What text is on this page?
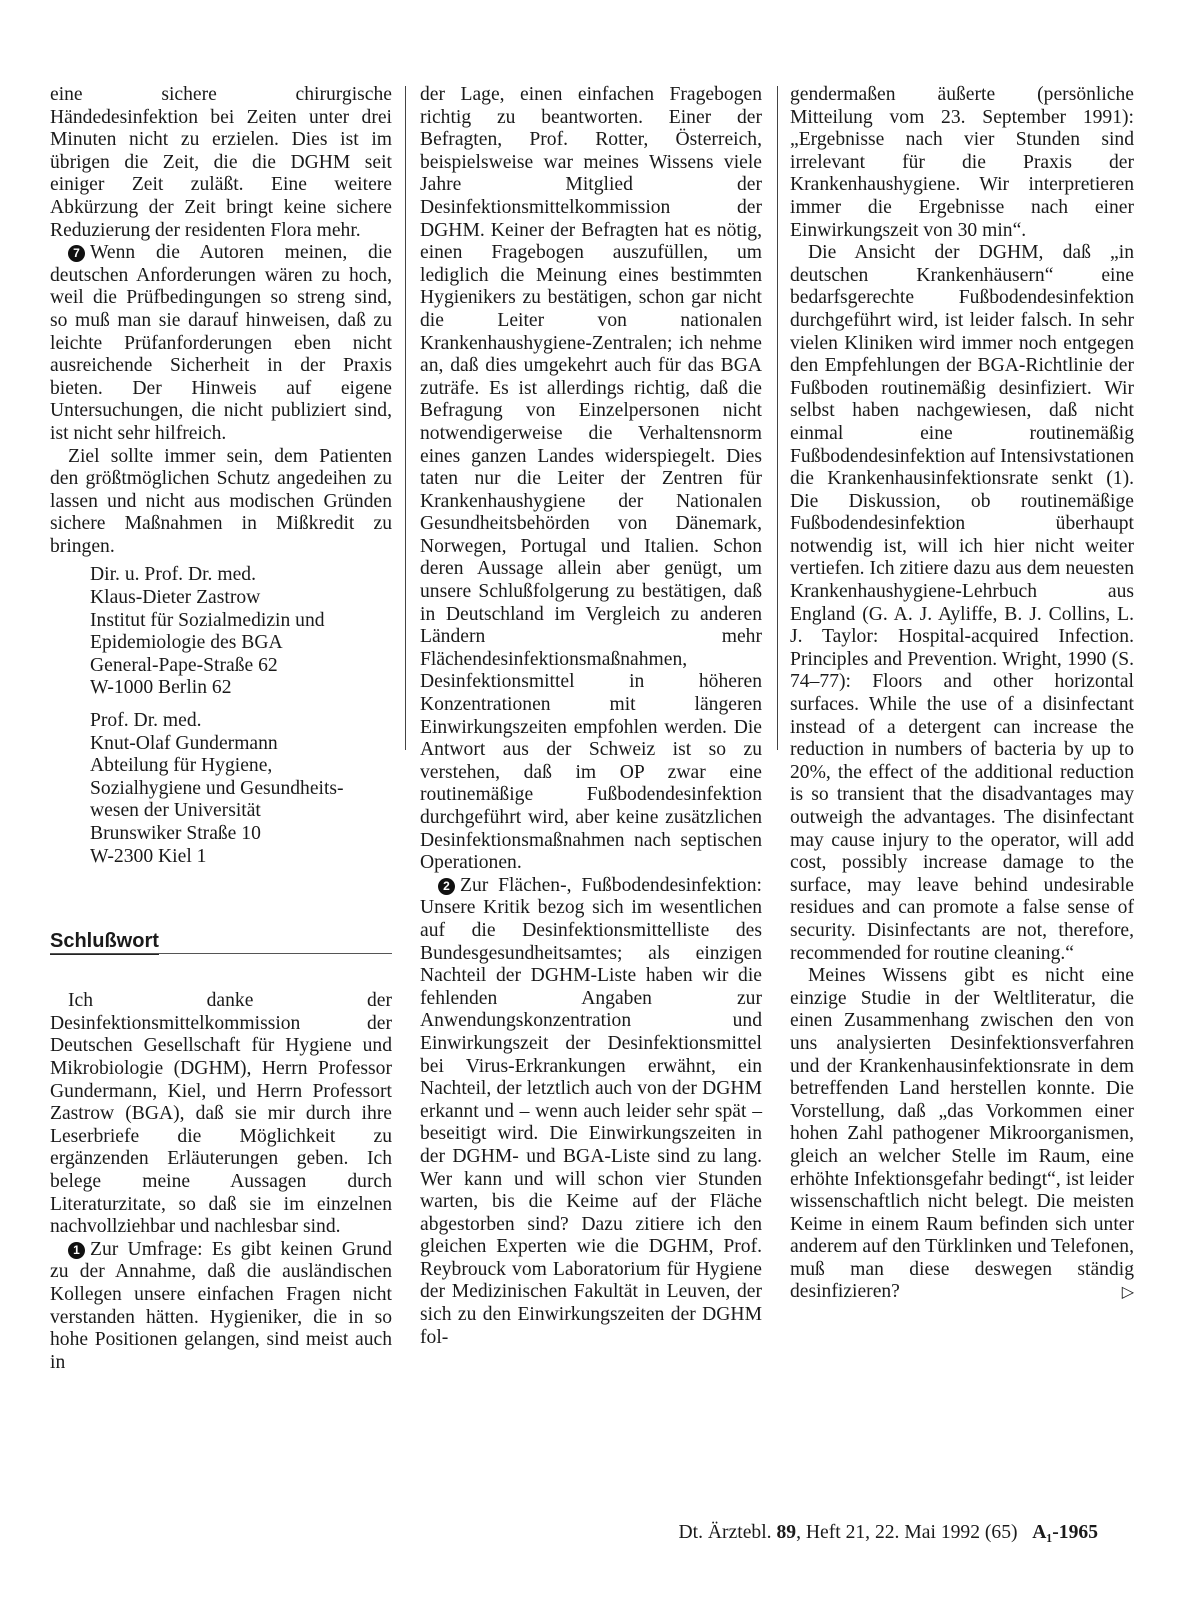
eine sichere chirurgische Händedesinfektion bei Zeiten unter drei Minuten nicht zu erzielen. Dies ist im übrigen die Zeit, die die DGHM seit einiger Zeit zuläßt. Eine weitere Abkürzung der Zeit bringt keine sichere Reduzierung der residenten Flora mehr.

7 Wenn die Autoren meinen, die deutschen Anforderungen wären zu hoch, weil die Prüfbedingungen so streng sind, so muß man sie darauf hinweisen, daß zu leichte Prüfanforderungen eben nicht ausreichende Sicherheit in der Praxis bieten. Der Hinweis auf eigene Untersuchungen, die nicht publiziert sind, ist nicht sehr hilfreich.

Ziel sollte immer sein, dem Patienten den größtmöglichen Schutz angedeihen zu lassen und nicht aus modischen Gründen sichere Maßnahmen in Mißkredit zu bringen.

Dir. u. Prof. Dr. med.
Klaus-Dieter Zastrow
Institut für Sozialmedizin und
Epidemiologie des BGA
General-Pape-Straße 62
W-1000 Berlin 62
Prof. Dr. med.
Knut-Olaf Gundermann
Abteilung für Hygiene,
Sozialhygiene und Gesundheits-
wesen der Universität
Brunswiker Straße 10
W-2300 Kiel 1
Schlußwort

Ich danke der Desinfektionsmittelkommission der Deutschen Gesellschaft für Hygiene und Mikrobiologie (DGHM), Herrn Professor Gundermann, Kiel, und Herrn Professort Zastrow (BGA), daß sie mir durch ihre Leserbriefe die Möglichkeit zu ergänzenden Erläuterungen geben. Ich belege meine Aussagen durch Literaturzitate, so daß sie im einzelnen nachvollziehbar und nachlesbar sind.

1 Zur Umfrage: Es gibt keinen Grund zu der Annahme, daß die ausländischen Kollegen unsere einfachen Fragen nicht verstanden hätten. Hygieniker, die in so hohe Positionen gelangen, sind meist auch in

der Lage, einen einfachen Fragebogen richtig zu beantworten. Einer der Befragten, Prof. Rotter, Österreich, beispielsweise war meines Wissens viele Jahre Mitglied der Desinfektionsmittelkommission der DGHM. Keiner der Befragten hat es nötig, einen Fragebogen auszufüllen, um lediglich die Meinung eines bestimmten Hygienikers zu bestätigen, schon gar nicht die Leiter von nationalen Krankenhaushygiene-Zentralen; ich nehme an, daß dies umgekehrt auch für das BGA zuträfe. Es ist allerdings richtig, daß die Befragung von Einzelpersonen nicht notwendigerweise die Verhaltensnorm eines ganzen Landes widerspiegelt. Dies taten nur die Leiter der Zentren für Krankenhaushygiene der Nationalen Gesundheitsbehörden von Dänemark, Norwegen, Portugal und Italien. Schon deren Aussage allein aber genügt, um unsere Schlußfolgerung zu bestätigen, daß in Deutschland im Vergleich zu anderen Ländern mehr Flächendesinfektionsmaßnahmen, Desinfektionsmittel in höheren Konzentrationen mit längeren Einwirkungszeiten empfohlen werden. Die Antwort aus der Schweiz ist so zu verstehen, daß im OP zwar eine routinemäßige Fußbodendesinfektion durchgeführt wird, aber keine zusätzlichen Desinfektionsmaßnahmen nach septischen Operationen.

2 Zur Flächen-, Fußbodendesinfektion: Unsere Kritik bezog sich im wesentlichen auf die Desinfektionsmittelliste des Bundesgesundheitsamtes; als einzigen Nachteil der DGHM-Liste haben wir die fehlenden Angaben zur Anwendungskonzentration und Einwirkungszeit der Desinfektionsmittel bei Virus-Erkrankungen erwähnt, ein Nachteil, der letztlich auch von der DGHM erkannt und – wenn auch leider sehr spät – beseitigt wird. Die Einwirkungszeiten in der DGHM- und BGA-Liste sind zu lang. Wer kann und will schon vier Stunden warten, bis die Keime auf der Fläche abgestorben sind? Dazu zitiere ich den gleichen Experten wie die DGHM, Prof. Reybrouck vom Laboratorium für Hygiene der Medizinischen Fakultät in Leuven, der sich zu den Einwirkungszeiten der DGHM fol-

gendermaßen äußerte (persönliche Mitteilung vom 23. September 1991): „Ergebnisse nach vier Stunden sind irrelevant für die Praxis der Krankenhaushygiene. Wir interpretieren immer die Ergebnisse nach einer Einwirkungszeit von 30 min“.

Die Ansicht der DGHM, daß „in deutschen Krankenhäusern“ eine bedarfsgerechte Fußbodendesinfektion durchgeführt wird, ist leider falsch. In sehr vielen Kliniken wird immer noch entgegen den Empfehlungen der BGA-Richtlinie der Fußboden routinemäßig desinfiziert. Wir selbst haben nachgewiesen, daß nicht einmal eine routinemäßig Fußbodendesinfektion auf Intensivstationen die Krankenhausinfektionsrate senkt (1). Die Diskussion, ob routinemäßige Fußbodendesinfektion überhaupt notwendig ist, will ich hier nicht weiter vertiefen. Ich zitiere dazu aus dem neuesten Krankenhaushygiene-Lehrbuch aus England (G. A. J. Ayliffe, B. J. Collins, L. J. Taylor: Hospital-acquired Infection. Principles and Prevention. Wright, 1990 (S. 74–77): Floors and other horizontal surfaces. While the use of a disinfectant instead of a detergent can increase the reduction in numbers of bacteria by up to 20%, the effect of the additional reduction is so transient that the disadvantages may outweigh the advantages. The disinfectant may cause injury to the operator, will add cost, possibly increase damage to the surface, may leave behind undesirable residues and can promote a false sense of security. Disinfectants are not, therefore, recommended for routine cleaning.“

Meines Wissens gibt es nicht eine einzige Studie in der Weltliteratur, die einen Zusammenhang zwischen den von uns analysierten Desinfektionsverfahren und der Krankenhausinfektionsrate in dem betreffenden Land herstellen konnte. Die Vorstellung, daß „das Vorkommen einer hohen Zahl pathogener Mikroorganismen, gleich an welcher Stelle im Raum, eine erhöhte Infektionsgefahr bedingt“, ist leider wissenschaftlich nicht belegt. Die meisten Keime in einem Raum befinden sich unter anderem auf den Türklinken und Telefonen, muß man diese deswegen ständig desinfizieren?	▷

Dt. Ärztebl. 89, Heft 21, 22. Mai 1992 (65) A₁-1965
